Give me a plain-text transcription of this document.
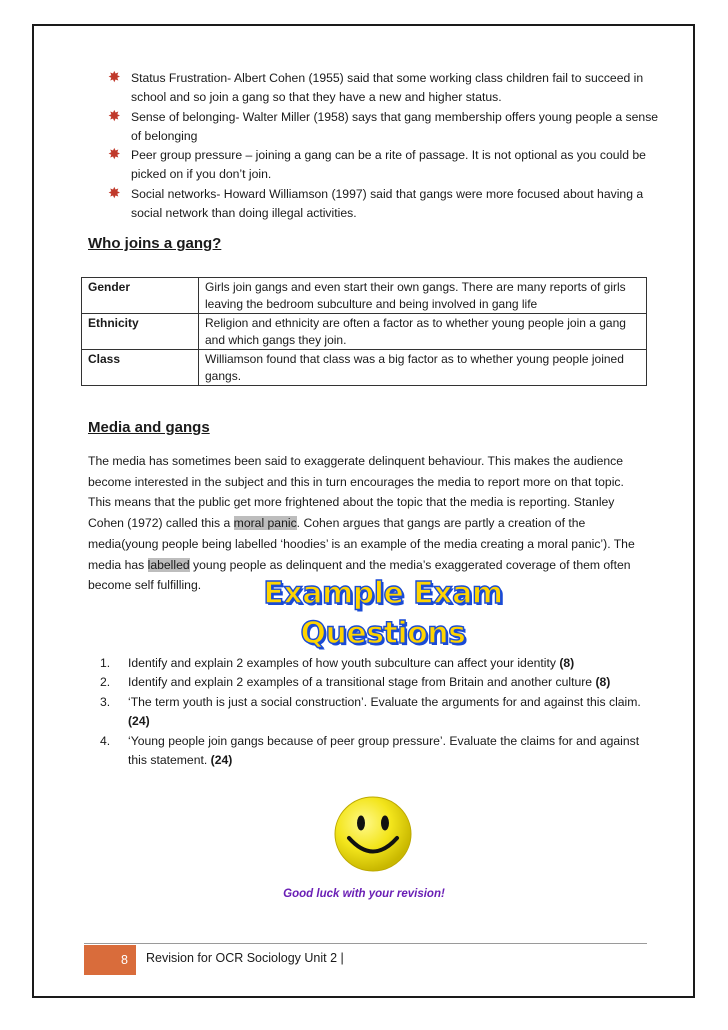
✸ Status Frustration- Albert Cohen (1955) said that some working class children fail to succeed in school and so join a gang so that they have a new and higher status.
✸ Sense of belonging- Walter Miller (1958) says that gang membership offers young people a sense of belonging
✸ Peer group pressure – joining a gang can be a rite of passage. It is not optional as you could be picked on if you don’t join.
✸ Social networks- Howard Williamson (1997) said that gangs were more focused about having a social network than doing illegal activities.
Who joins a gang?
Gender	Girls join gangs and even start their own gangs. There are many reports of girls leaving the bedroom subculture and being involved in gang life
Ethnicity	Religion and ethnicity are often a factor as to whether young people join a gang and which gangs they join.
Class	Williamson found that class was a big factor as to whether young people joined gangs.
Media and gangs
The media has sometimes been said to exaggerate delinquent behaviour. This makes the audience become interested in the subject and this in turn encourages the media to report more on that topic. This means that the public get more frightened about the topic that the media is reporting. Stanley Cohen (1972) called this a moral panic. Cohen argues that gangs are partly a creation of the media(young people being labelled ‘hoodies’ is an example of the media creating a moral panic’). The media has labelled young people as delinquent and the media’s exaggerated coverage of them often become self fulfilling.	Example Exam Questions
1. Identify and explain 2 examples of how youth subculture can affect your identity (8)
2. Identify and explain 2 examples of a transitional stage from Britain and another culture (8)
3. ‘The term youth is just a social construction’. Evaluate the arguments for and against this claim. (24)
4. ‘Young people join gangs because of peer group pressure’. Evaluate the claims for and against this statement. (24)
Good luck with your revision!
8	Revision for OCR Sociology Unit 2 |
